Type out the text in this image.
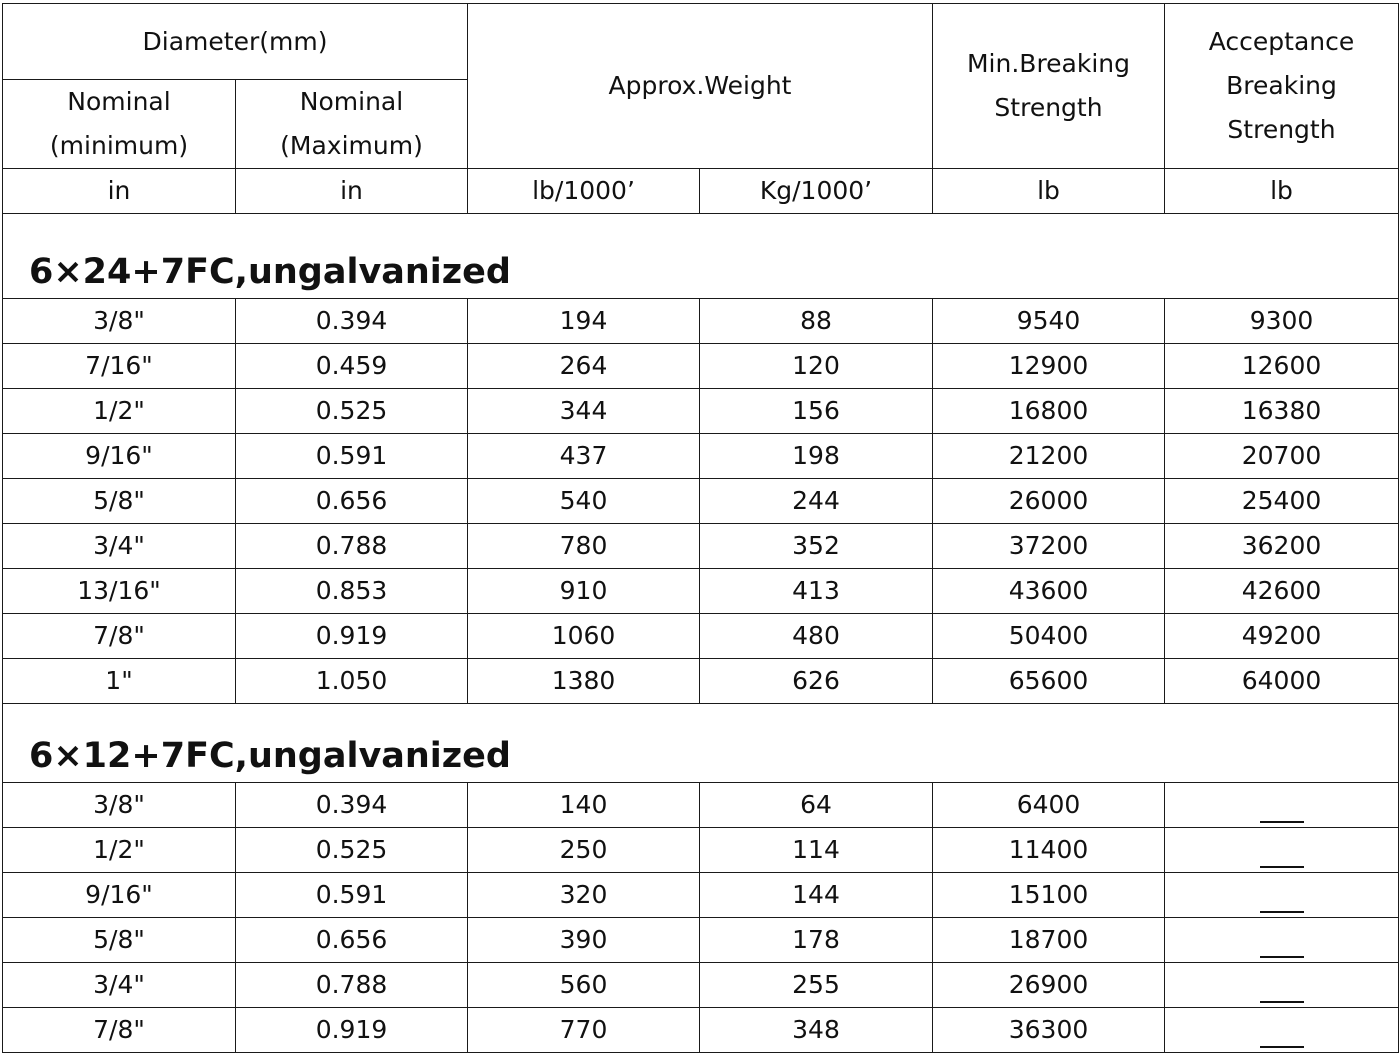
Diameter(mm)		Approx.Weight		Min.Breaking
Strength	Acceptance
Breaking
Strength
Nominal
(minimum)	Nominal
(Maximum)				
in	in	lb/1000’	Kg/1000’	lb	lb
6×24+7FC,ungalvanized					
3/8"	0.394	194	88	9540	9300
7/16"	0.459	264	120	12900	12600
1/2"	0.525	344	156	16800	16380
9/16"	0.591	437	198	21200	20700
5/8"	0.656	540	244	26000	25400
3/4"	0.788	780	352	37200	36200
13/16"	0.853	910	413	43600	42600
7/8"	0.919	1060	480	50400	49200
1"	1.050	1380	626	65600	64000
6×12+7FC,ungalvanized					
3/8"	0.394	140	64	6400	
1/2"	0.525	250	114	11400	
9/16"	0.591	320	144	15100	
5/8"	0.656	390	178	18700	
3/4"	0.788	560	255	26900	
7/8"	0.919	770	348	36300	
